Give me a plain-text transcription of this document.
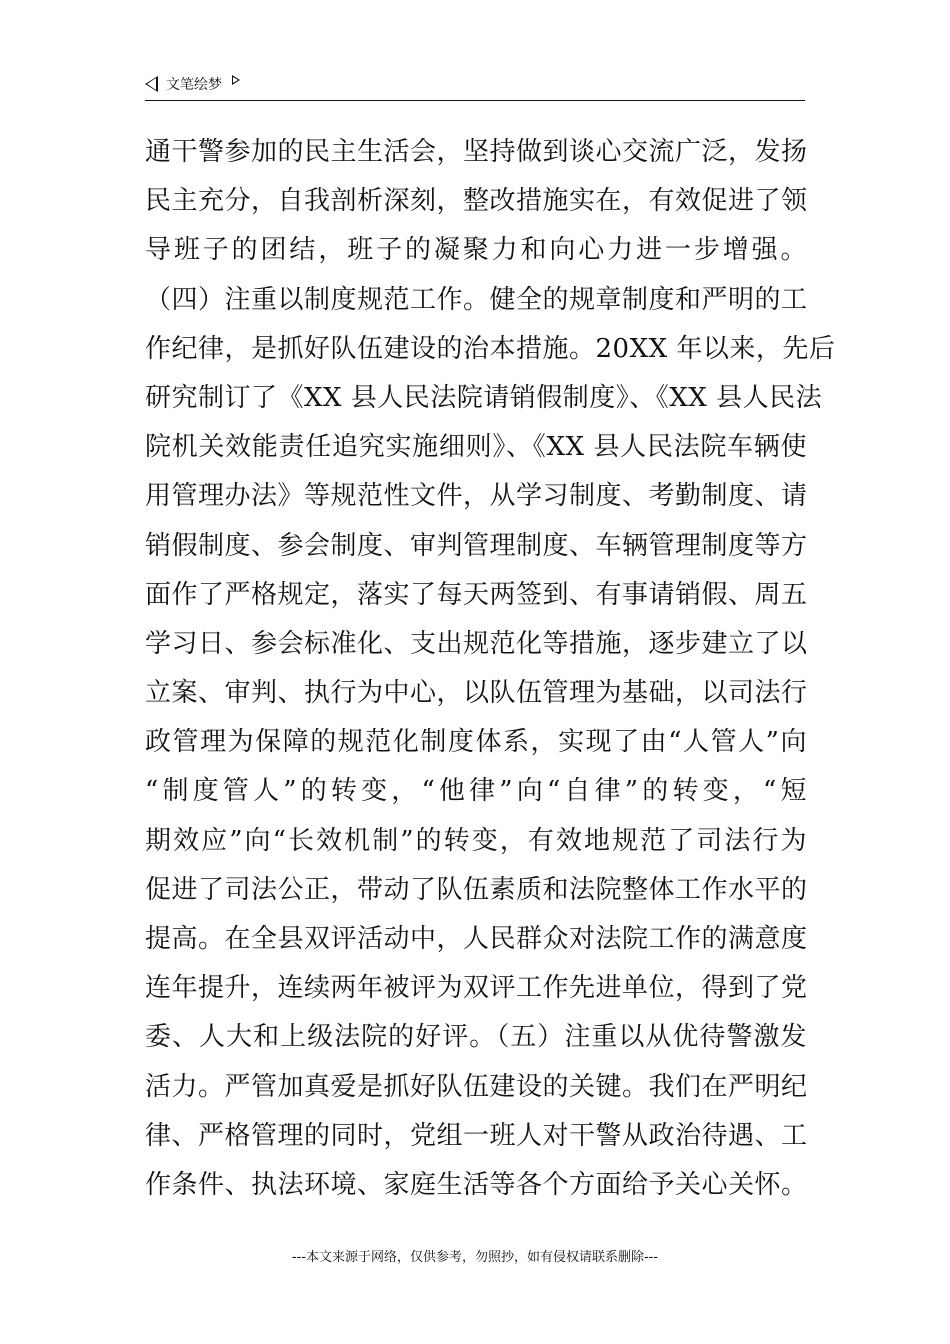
文笔绘梦
通干警参加的民主生活会，坚持做到谈心交流广泛，发扬
民主充分，自我剖析深刻，整改措施实在，有效促进了领
导班子的团结，班子的凝聚力和向心力进一步增强。
（四）注重以制度规范工作。健全的规章制度和严明的工
作纪律，是抓好队伍建设的治本措施。20XX 年以来，先后
研究制订了《XX 县人民法院请销假制度》、《XX 县人民法
院机关效能责任追究实施细则》、《XX 县人民法院车辆使
用管理办法》等规范性文件，从学习制度、考勤制度、请
销假制度、参会制度、审判管理制度、车辆管理制度等方
面作了严格规定，落实了每天两签到、有事请销假、周五
学习日、参会标准化、支出规范化等措施，逐步建立了以
立案、审判、执行为中心，以队伍管理为基础，以司法行
政管理为保障的规范化制度体系，实现了由“人管人”向
“制度管人”的转变，“他律”向“自律”的转变，“短
期效应”向“长效机制”的转变，有效地规范了司法行为
促进了司法公正，带动了队伍素质和法院整体工作水平的
提高。在全县双评活动中，人民群众对法院工作的满意度
连年提升，连续两年被评为双评工作先进单位，得到了党
委、人大和上级法院的好评。（五）注重以从优待警激发
活力。严管加真爱是抓好队伍建设的关键。我们在严明纪
律、严格管理的同时，党组一班人对干警从政治待遇、工
作条件、执法环境、家庭生活等各个方面给予关心关怀。
---本文来源于网络，仅供参考，勿照抄，如有侵权请联系删除---
